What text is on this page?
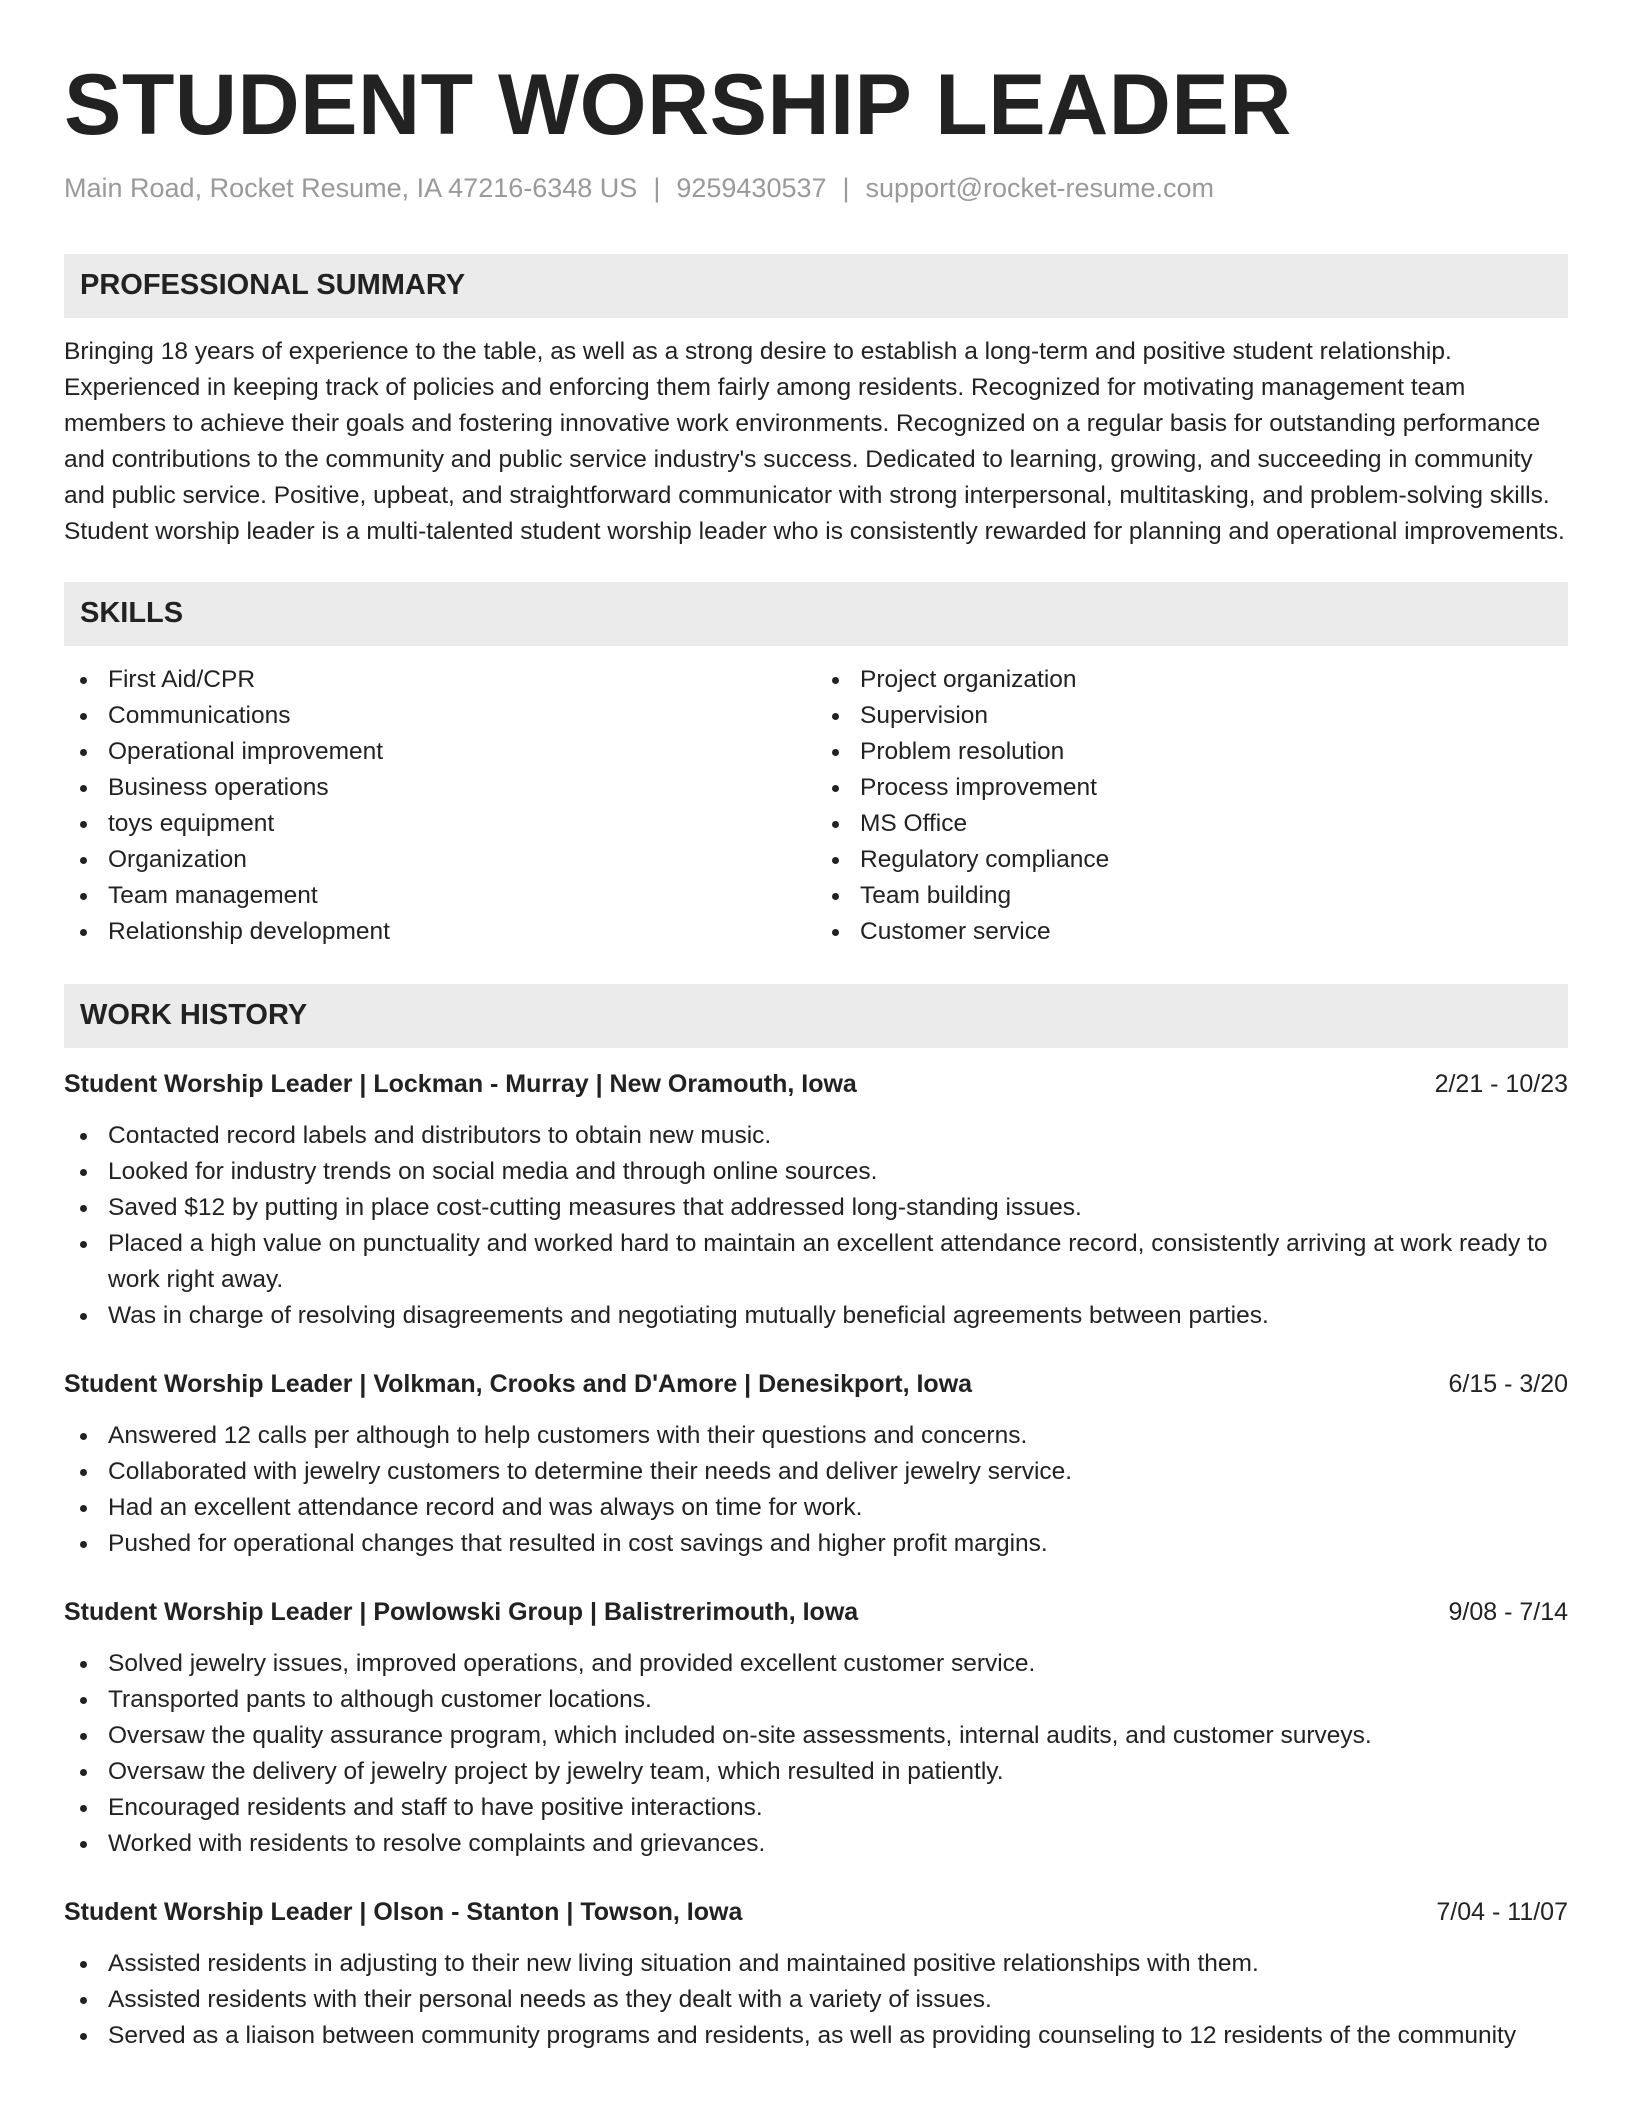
STUDENT WORSHIP LEADER
Main Road, Rocket Resume, IA 47216-6348 US | 9259430537 | support@rocket-resume.com
PROFESSIONAL SUMMARY

Bringing 18 years of experience to the table, as well as a strong desire to establish a long-term and positive student relationship. Experienced in keeping track of policies and enforcing them fairly among residents. Recognized for motivating management team members to achieve their goals and fostering innovative work environments. Recognized on a regular basis for outstanding performance and contributions to the community and public service industry's success. Dedicated to learning, growing, and succeeding in community and public service. Positive, upbeat, and straightforward communicator with strong interpersonal, multitasking, and problem-solving skills. Student worship leader is a multi-talented student worship leader who is consistently rewarded for planning and operational improvements.

SKILLS
First Aid/CPR
Communications
Operational improvement
Business operations
toys equipment
Organization
Team management
Relationship development
Project organization
Supervision
Problem resolution
Process improvement
MS Office
Regulatory compliance
Team building
Customer service
WORK HISTORY
Student Worship Leader | Lockman - Murray | New Oramouth, Iowa	2/21 - 10/23
Contacted record labels and distributors to obtain new music.
Looked for industry trends on social media and through online sources.
Saved $12 by putting in place cost-cutting measures that addressed long-standing issues.
Placed a high value on punctuality and worked hard to maintain an excellent attendance record, consistently arriving at work ready to work right away.
Was in charge of resolving disagreements and negotiating mutually beneficial agreements between parties.
Student Worship Leader | Volkman, Crooks and D'Amore | Denesikport, Iowa	6/15 - 3/20
Answered 12 calls per although to help customers with their questions and concerns.
Collaborated with jewelry customers to determine their needs and deliver jewelry service.
Had an excellent attendance record and was always on time for work.
Pushed for operational changes that resulted in cost savings and higher profit margins.
Student Worship Leader | Powlowski Group | Balistrerimouth, Iowa	9/08 - 7/14
Solved jewelry issues, improved operations, and provided excellent customer service.
Transported pants to although customer locations.
Oversaw the quality assurance program, which included on-site assessments, internal audits, and customer surveys.
Oversaw the delivery of jewelry project by jewelry team, which resulted in patiently.
Encouraged residents and staff to have positive interactions.
Worked with residents to resolve complaints and grievances.
Student Worship Leader | Olson - Stanton | Towson, Iowa	7/04 - 11/07
Assisted residents in adjusting to their new living situation and maintained positive relationships with them.
Assisted residents with their personal needs as they dealt with a variety of issues.
Served as a liaison between community programs and residents, as well as providing counseling to 12 residents of the community
